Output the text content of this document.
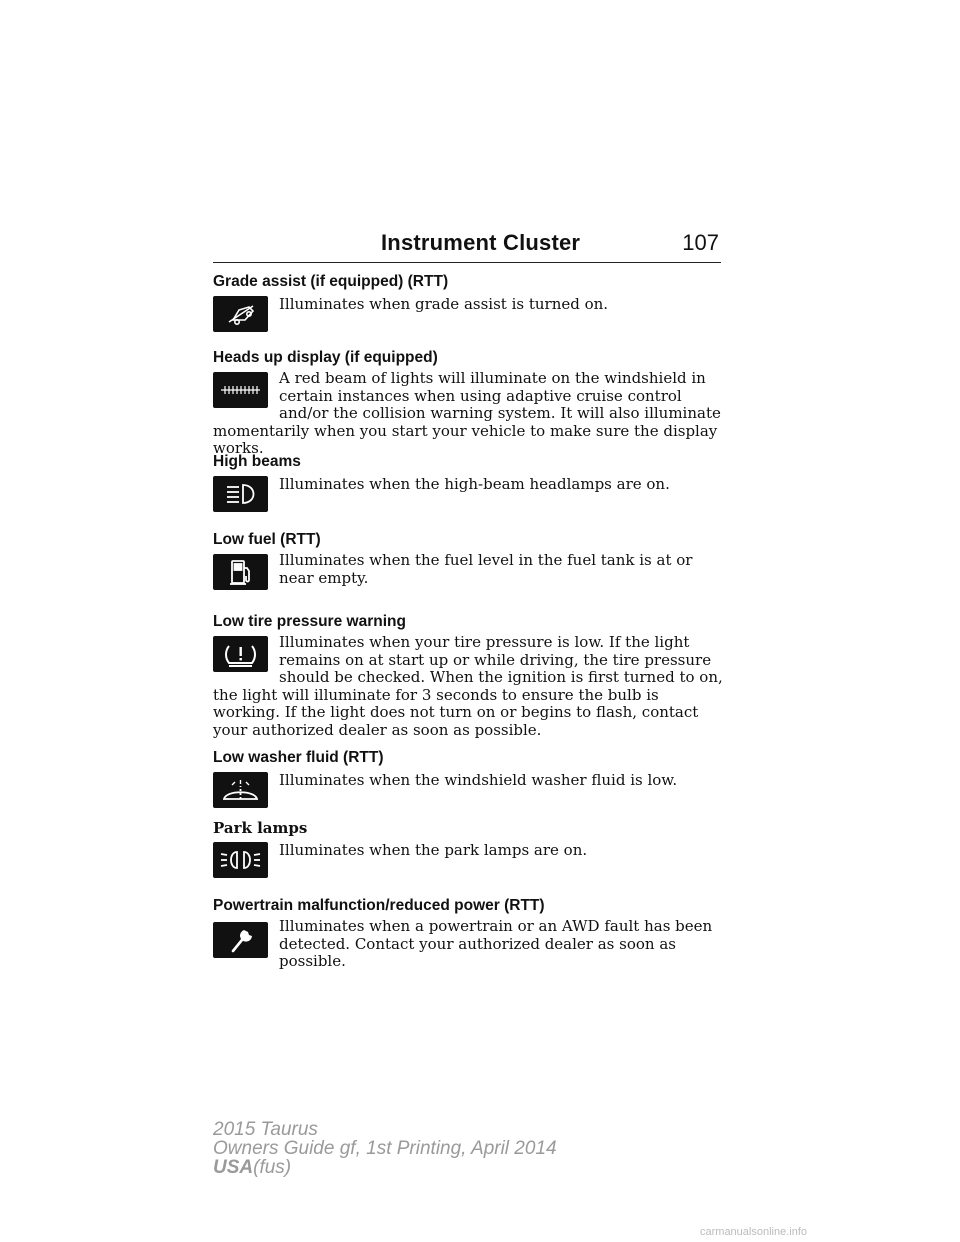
Instrument Cluster	107
Grade assist (if equipped) (RTT)
Illuminates when grade assist is turned on.
Heads up display (if equipped)
A red beam of lights will illuminate on the windshield in certain instances when using adaptive cruise control and/or the collision warning system. It will also illuminate momentarily when you start your vehicle to make sure the display works.
High beams
Illuminates when the high-beam headlamps are on.
Low fuel (RTT)
Illuminates when the fuel level in the fuel tank is at or near empty.
Low tire pressure warning
Illuminates when your tire pressure is low. If the light remains on at start up or while driving, the tire pressure should be checked. When the ignition is first turned to on, the light will illuminate for 3 seconds to ensure the bulb is working. If the light does not turn on or begins to flash, contact your authorized dealer as soon as possible.
Low washer fluid (RTT)
Illuminates when the windshield washer fluid is low.
Park lamps
Illuminates when the park lamps are on.
Powertrain malfunction/reduced power (RTT)
Illuminates when a powertrain or an AWD fault has been detected. Contact your authorized dealer as soon as possible.
2015 Taurus
Owners Guide gf, 1st Printing, April 2014
USA(fus)
carmanualsonline.info
